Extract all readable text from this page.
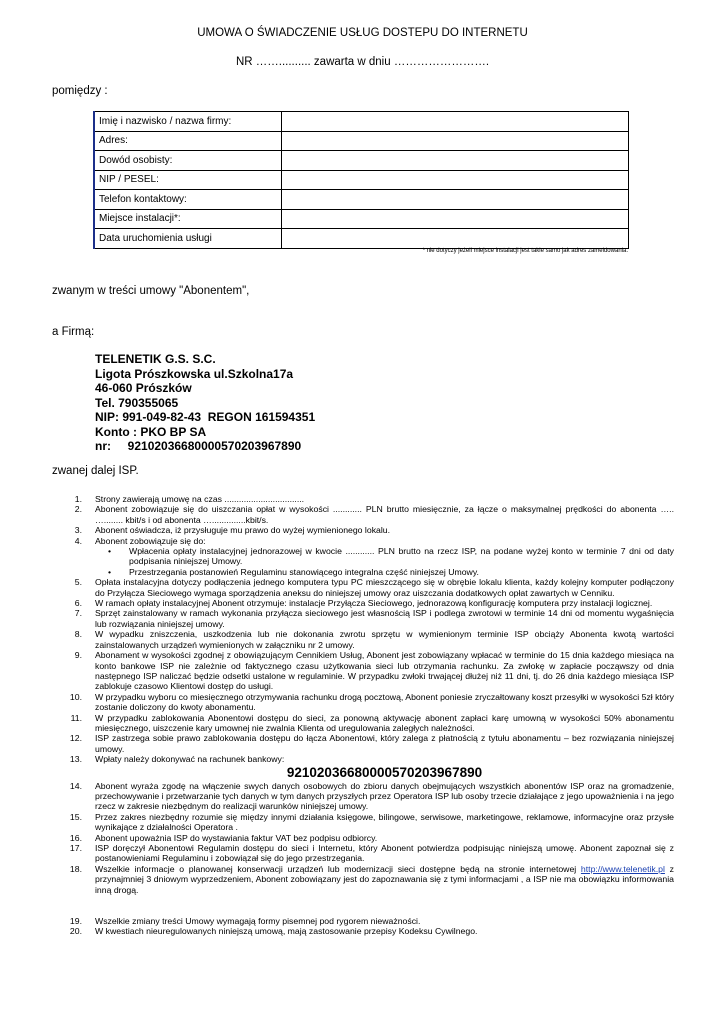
UMOWA O ŚWIADCZENIE USŁUG DOSTEPU DO INTERNETU
NR …….......... zawarta w dniu …………………….
pomiędzy :
Imię i nazwisko / nazwa firmy:	
Adres:	
Dowód osobisty:	
NIP / PESEL:	
Telefon kontaktowy:	
Miejsce instalacji*:	
Data uruchomienia usługi	
* nie dotyczy jeżeli miejsce instalacji jest takie samo jak adres zameldowania.
zwanym w treści umowy "Abonentem",
a Firmą:
TELENETIK G.S. S.C.
Ligota Prószkowska ul.Szkolna17a
46-060 Prószków
Tel. 790355065
NIP: 991-049-82-43  REGON 161594351
Konto : PKO BP SA
nr:     92102036680000570203967890
zwanej dalej ISP.
1. Strony zawierają umowę na czas .................................
2. Abonent zobowiązuje się do uiszczania opłat w wysokości ............ PLN brutto miesięcznie, za łącze o maksymalnej prędkości do abonenta ….. …........ kbit/s i od abonenta …..............kbit/s.
3. Abonent oświadcza, iż przysługuje mu prawo do wyżej wymienionego lokalu.
4. Abonent zobowiązuje się do:
• Wpłacenia opłaty instalacyjnej jednorazowej w kwocie ............ PLN brutto na rzecz ISP, na podane wyżej konto w terminie 7 dni od daty podpisania niniejszej Umowy.
• Przestrzegania postanowień Regulaminu stanowiącego integralna część niniejszej Umowy.
5. Opłata instalacyjna dotyczy podłączenia jednego komputera typu PC mieszczącego się w obrębie lokalu klienta, każdy kolejny komputer podłączony do Przyłącza Sieciowego wymaga sporządzenia aneksu do niniejszej umowy oraz uiszczania dodatkowych opłat zawartych w Cenniku.
6. W ramach opłaty instalacyjnej Abonent otrzymuje: instalacje Przyłącza Sieciowego, jednorazową konfigurację komputera przy instalacji logicznej.
7. Sprzęt zainstalowany w ramach wykonania przyłącza sieciowego jest własnością ISP i podlega zwrotowi w terminie 14 dni od momentu wygaśnięcia lub rozwiązania niniejszej umowy.
8. W wypadku zniszczenia, uszkodzenia lub nie dokonania zwrotu sprzętu w wymienionym terminie ISP obciąży Abonenta kwotą wartości zainstalowanych urządzeń wymienionych w załączniku nr 2 umowy.
9. Abonament w wysokości zgodnej z obowiązującym Cennikiem Usług, Abonent jest zobowiązany wpłacać w terminie do 15 dnia każdego miesiąca na konto bankowe ISP nie zależnie od faktycznego czasu użytkowania sieci lub otrzymania rachunku. Za zwłokę w zapłacie począwszy od dnia następnego ISP naliczać będzie odsetki ustalone w regulaminie. W przypadku zwłoki trwającej dłużej niż 11 dni, tj. do 26 dnia każdego miesiąca ISP zablokuje czasowo Klientowi dostęp do usługi.
10. W przypadku wyboru co miesięcznego otrzymywania rachunku drogą pocztową, Abonent poniesie zryczałtowany koszt przesyłki w wysokości 5zł który zostanie doliczony do kwoty abonamentu.
11. W przypadku zablokowania Abonentowi dostępu do sieci, za ponowną aktywację abonent zapłaci karę umowną w wysokości 50% abonamentu miesięcznego, uiszczenie kary umownej nie zwalnia Klienta od uregulowania zaległych należności.
12. ISP zastrzega sobie prawo zablokowania dostępu do łącza Abonentowi, który zalega z płatnością z tytułu abonamentu – bez rozwiązania niniejszej umowy.
13. Wpłaty należy dokonywać na rachunek bankowy:
92102036680000570203967890
14. Abonent wyraża zgodę na włączenie swych danych osobowych do zbioru danych obejmujących wszystkich abonentów ISP oraz na gromadzenie, przechowywanie i przetwarzanie tych danych w tym danych przyszłych przez Operatora ISP lub osoby trzecie działające z jego upoważnienia i na jego rzecz w zakresie niezbędnym do realizacji warunków niniejszej umowy.
15. Przez zakres niezbędny rozumie się między innymi działania księgowe, bilingowe, serwisowe, marketingowe, reklamowe, informacyjne oraz przysłe wynikające z działalności Operatora .
16. Abonent upoważnia ISP do wystawiania faktur VAT bez podpisu odbiorcy.
17. ISP doręczył Abonentowi Regulamin dostępu do sieci i Internetu, który Abonent potwierdza podpisując niniejszą umowę. Abonent zapoznał się z postanowieniami Regulaminu i zobowiązał się do jego przestrzegania.
18. Wszelkie informacje o planowanej konserwacji urządzeń lub modernizacji sieci dostępne będą na stronie internetowej http://www.telenetik.pl z przynajmniej 3 dniowym wyprzedzeniem, Abonent zobowiązany jest do zapoznawania się z tymi informacjami , a ISP nie ma obowiązku informowania inną drogą.
19. Wszelkie zmiany treści Umowy wymagają formy pisemnej pod rygorem nieważności.
20. W kwestiach nieuregulowanych niniejszą umową, mają zastosowanie przepisy Kodeksu Cywilnego.
